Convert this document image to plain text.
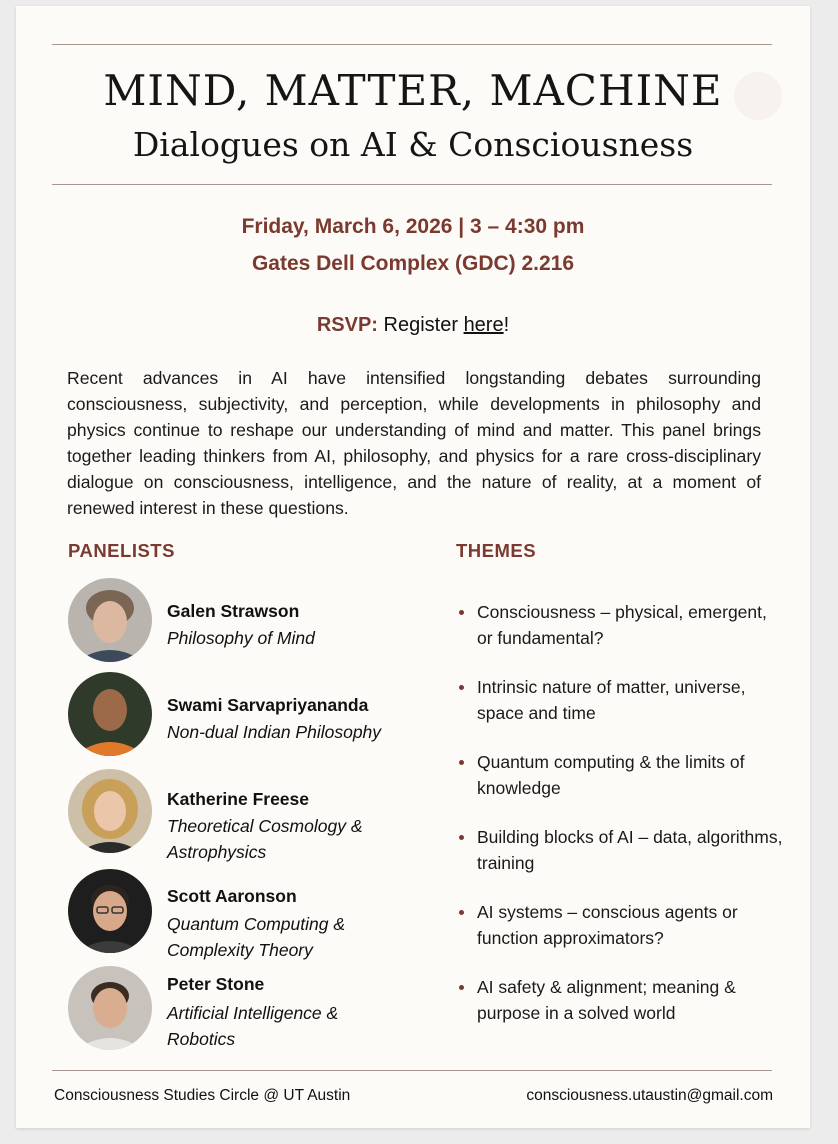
MIND, MATTER, MACHINE
Dialogues on AI & Consciousness
Friday, March 6, 2026 | 3 – 4:30 pm
Gates Dell Complex (GDC) 2.216
RSVP: Register here!

Recent advances in AI have intensified longstanding debates surrounding consciousness, subjectivity, and perception, while developments in philosophy and physics continue to reshape our understanding of mind and matter. This panel brings together leading thinkers from AI, philosophy, and physics for a rare cross-disciplinary dialogue on consciousness, intelligence, and the nature of reality, at a moment of renewed interest in these questions.

PANELISTS	THEMES
Galen Strawson
Philosophy of Mind
Swami Sarvapriyananda
Non-dual Indian Philosophy
Katherine Freese
Theoretical Cosmology & Astrophysics
Scott Aaronson
Quantum Computing & Complexity Theory
Peter Stone
Artificial Intelligence & Robotics
Consciousness – physical, emergent, or fundamental?
Intrinsic nature of matter, universe, space and time
Quantum computing & the limits of knowledge
Building blocks of AI – data, algorithms, training
AI systems – conscious agents or function approximators?
AI safety & alignment; meaning & purpose in a solved world
Consciousness Studies Circle @ UT Austin	consciousness.utaustin@gmail.com
